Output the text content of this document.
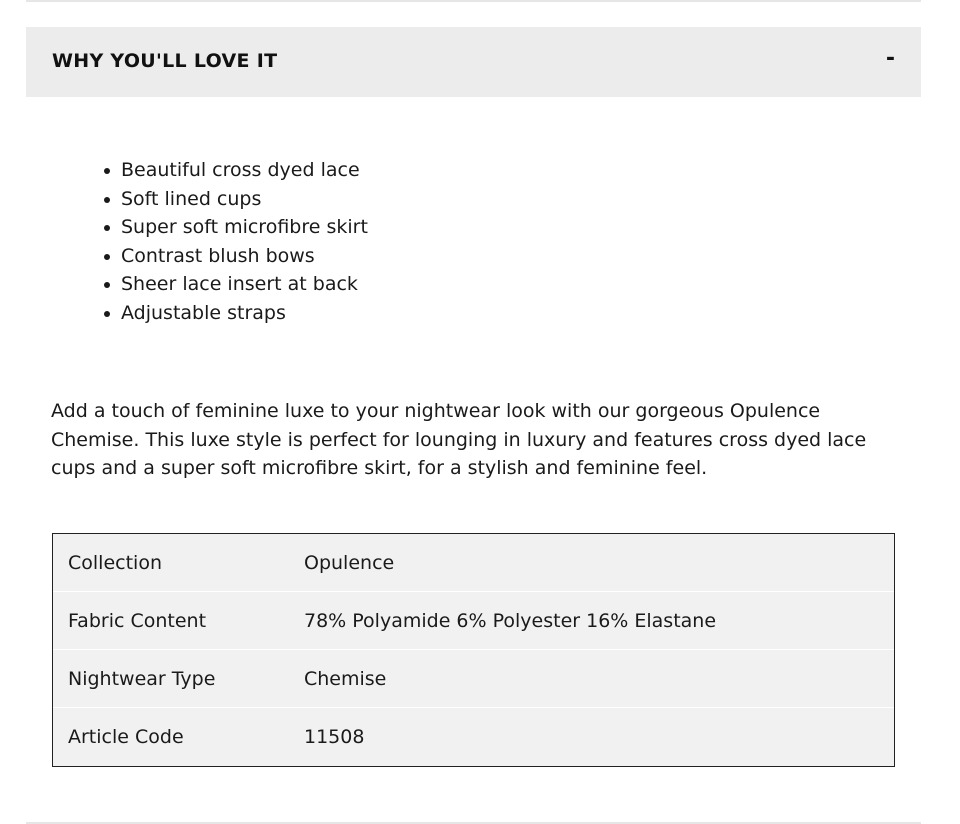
WHY YOU'LL LOVE IT	-
Beautiful cross dyed lace
Soft lined cups
Super soft microfibre skirt
Contrast blush bows
Sheer lace insert at back
Adjustable straps

Add a touch of feminine luxe to your nightwear look with our gorgeous Opulence Chemise. This luxe style is perfect for lounging in luxury and features cross dyed lace cups and a super soft microfibre skirt, for a stylish and feminine feel.

Collection	Opulence
Fabric Content	78% Polyamide 6% Polyester 16% Elastane
Nightwear Type	Chemise
Article Code	11508
